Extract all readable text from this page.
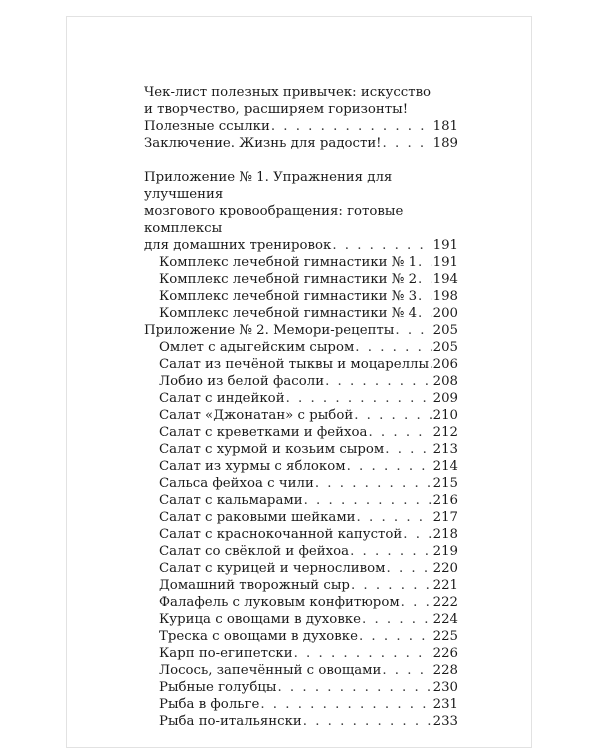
Чек-лист полезных привычек: искусство

и творчество, расширяем горизонты!

Полезные ссылки . . .	181
Заключение. Жизнь для радости! . . .	189

Приложение № 1. Упражнения для улучшения

мозгового кровообращения: готовые комплексы

для домашних тренировок . . .	191
Комплекс лечебной гимнастики № 1 . . . 191
Комплекс лечебной гимнастики № 2 . . . 194
Комплекс лечебной гимнастики № 3 . . . 198
Комплекс лечебной гимнастики № 4 . . . 200
Приложение № 2. Мемори-рецепты . . .	205
Омлет с адыгейским сыром . . .	205
Салат из печёной тыквы и моцареллы . . . 206
Лобио из белой фасоли . . .	208
Салат с индейкой . . .	209
Салат «Джонатан» с рыбой . . .	210
Салат с креветками и фейхоа . . .	212
Салат с хурмой и козьим сыром . . .	213
Салат из хурмы с яблоком . . .	214
Сальса фейхоа с чили . . .	215
Салат с кальмарами . . .	216
Салат с раковыми шейками . . .	217
Салат с краснокочанной капустой . . . 218
Салат со свёклой и фейхоа . . .	219
Салат с курицей и черносливом . . .	220
Домашний творожный сыр . . .	221
Фалафель с луковым конфитюром . . . 222
Курица с овощами в духовке . . .	224
Треска с овощами в духовке . . .	225
Карп по-египетски . . .	226
Лосось, запечённый с овощами . . .	228
Рыбные голубцы . . .	230
Рыба в фольге . . .	231
Рыба по-итальянски . . .	233
